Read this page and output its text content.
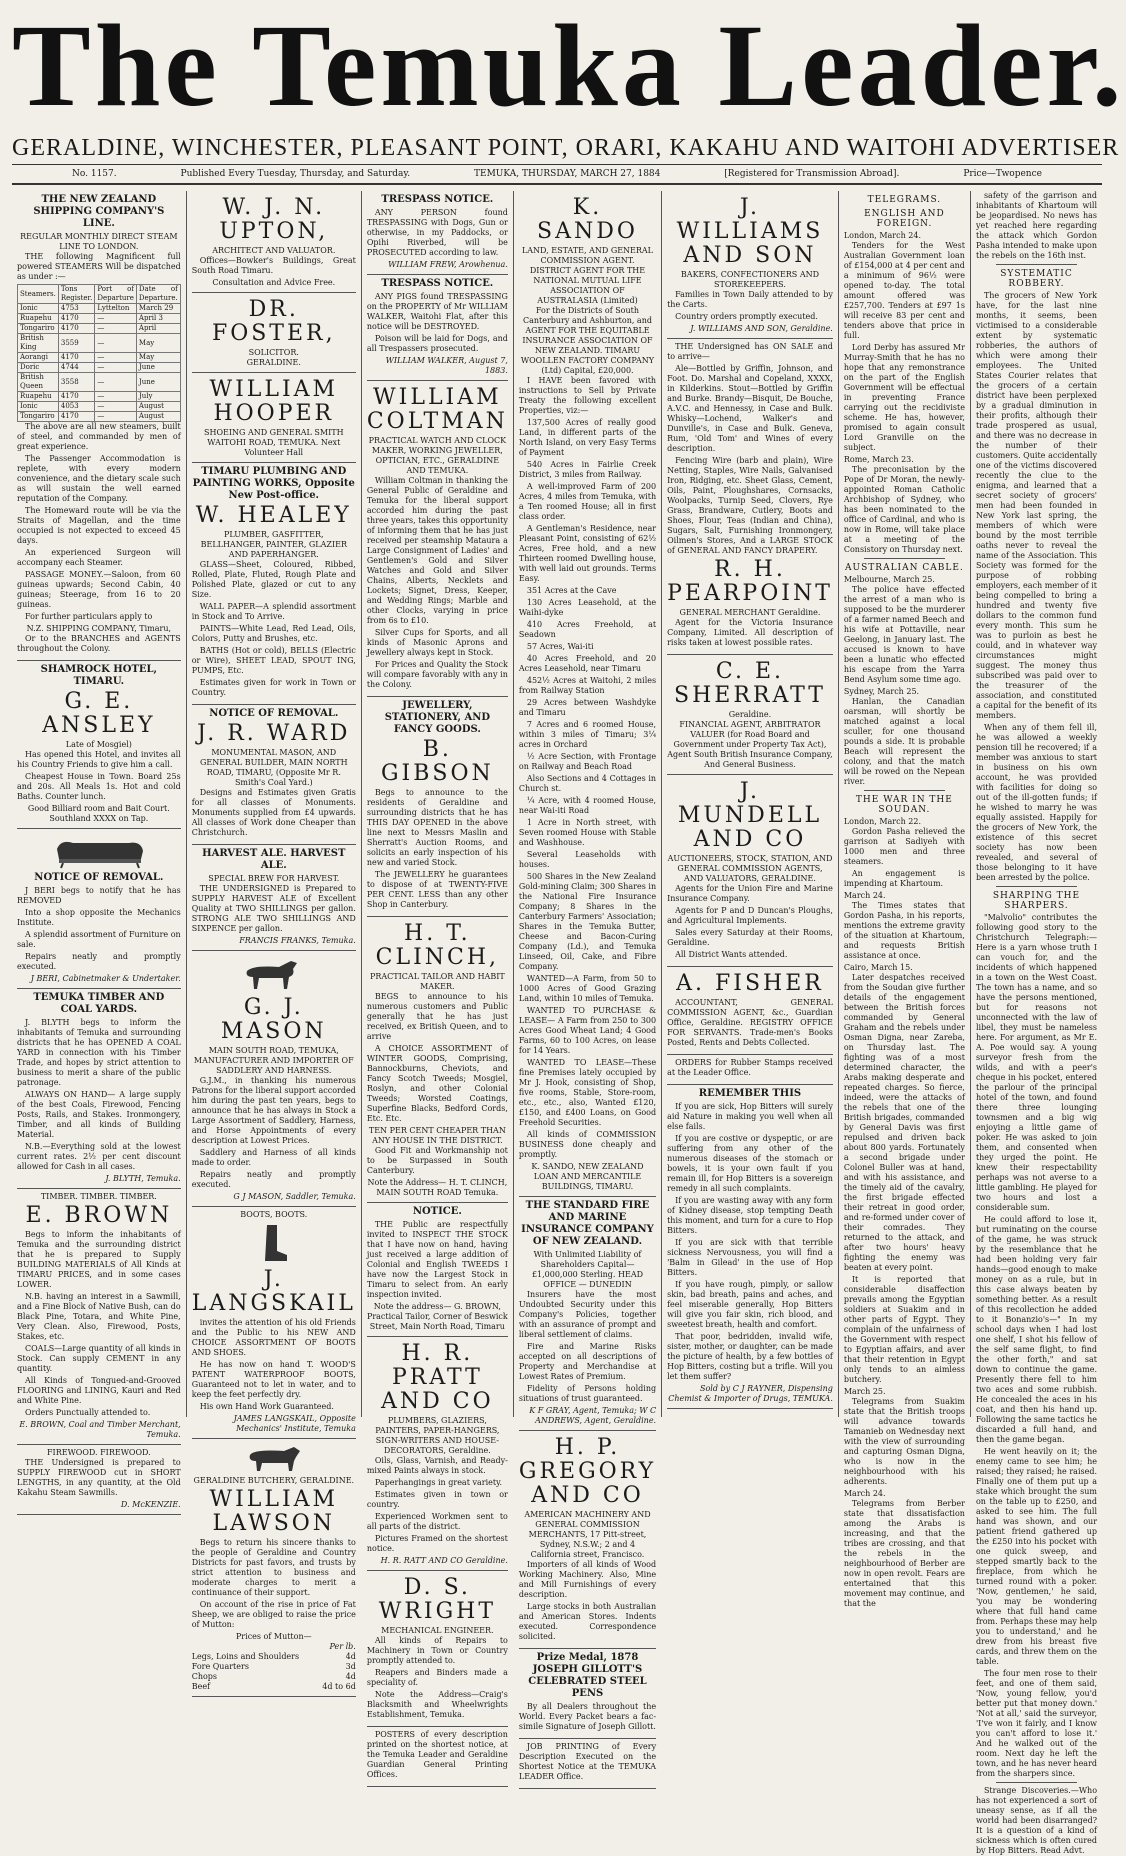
The Temuka Leader.
GERALDINE, WINCHESTER, PLEASANT POINT, ORARI, KAKAHU AND WAITOHI ADVERTISER
No. 1157.	Published Every Tuesday, Thursday, and Saturday.	TEMUKA, THURSDAY, MARCH 27, 1884	[Registered for Transmission Abroad].	Price—Twopence
THE NEW ZEALAND SHIPPING COMPANY'S LINE.
REGULAR MONTHLY DIRECT STEAM LINE TO LONDON.

THE following Magnificent full powered STEAMERS Will be dispatched as under :—

Steamers.	Tons Register.	Port of Departure	Date of Departure.
Ionic	4753	Lyttelton	March 29
Ruapehu	4170	—	April 3
Tongariro	4170	—	April
British King	3559	—	May
Aorangi	4170	—	May
Doric	4744	—	June
British Queen	3558	—	June
Ruapehu	4170	—	July
Ionic	4053	—	August
Tongariro	4170	—	August

The above are all new steamers, built of steel, and commanded by men of great experience.

The Passenger Accommodation is replete, with every modern convenience, and the dietary scale such as will sustain the well earned reputation of the Company.

The Homeward route will be via the Straits of Magellan, and the time occupied is not expected to exceed 45 days.

An experienced Surgeon will accompany each Steamer.

PASSAGE MONEY.—Saloon, from 60 guineas upwards; Second Cabin, 40 guineas; Steerage, from 16 to 20 guineas.

For further particulars apply to

N.Z. SHIPPING COMPANY, Timaru,

Or to the BRANCHES and AGENTS throughout the Colony.

SHAMROCK HOTEL, TIMARU.
G. E. ANSLEY
Late of Mosgiel)

Has opened this Hotel, and invites all his Country Friends to give him a call.

Cheapest House in Town. Board 25s and 20s. All Meals 1s. Hot and cold Baths. Counter lunch.

Good Billiard room and Bait Court.
Southland XXXX on Tap.
NOTICE OF REMOVAL.

J BERI begs to notify that he has REMOVED

Into a shop opposite the Mechanics Institute.

A splendid assortment of Furniture on sale.

Repairs neatly and promptly executed.

J BERI, Cabinetmaker & Undertaker.
TEMUKA TIMBER AND COAL YARDS.

J. BLYTH begs to inform the inhabitants of Temuka and surrounding districts that he has OPENED A COAL YARD in connection with his Timber Trade, and hopes by strict attention to business to merit a share of the public patronage.

ALWAYS ON HAND— A large supply of the best Coals, Firewood, Fencing Posts, Rails, and Stakes. Ironmongery, Timber, and all kinds of Building Material.

N.B.—Everything sold at the lowest current rates. 2½ per cent discount allowed for Cash in all cases.

J. BLYTH, Temuka.
TIMBER. TIMBER. TIMBER.
E. BROWN

Begs to inform the inhabitants of Temuka and the surrounding district that he is prepared to Supply BUILDING MATERIALS of All Kinds at TIMARU PRICES, and in some cases LOWER.

N.B. having an interest in a Sawmill, and a Fine Block of Native Bush, can do Black Pine, Totara, and White Pine, Very Clean. Also, Firewood, Posts, Stakes, etc.

COALS—Large quantity of all kinds in Stock. Can supply CEMENT in any quantity.

All Kinds of Tongued-and-Grooved FLOORING and LINING, Kauri and Red and White Pine.

Orders Punctually attended to.

E. BROWN, Coal and Timber Merchant, Temuka.
FIREWOOD. FIREWOOD.

THE Undersigned is prepared to SUPPLY FIREWOOD cut in SHORT LENGTHS, in any quantity, at the Old Kakahu Steam Sawmills.

D. McKENZIE.
W. J. N. UPTON,
ARCHITECT AND VALUATOR.

Offices—Bowker's Buildings, Great South Road Timaru.

Consultation and Advice Free.
DR. FOSTER,
SOLICITOR.
GERALDINE.
WILLIAM HOOPER
SHOEING AND GENERAL SMITH WAITOHI ROAD, TEMUKA. Next Volunteer Hall
TIMARU PLUMBING AND PAINTING WORKS, Opposite New Post-office.
W. HEALEY
PLUMBER, GASFITTER, BELLHANGER, PAINTER, GLAZIER AND PAPERHANGER.

GLASS—Sheet, Coloured, Ribbed, Rolled, Plate, Fluted, Rough Plate and Polished Plate, glazed or cut to any Size.

WALL PAPER—A splendid assortment in Stock and To Arrive.

PAINTS—White Lead, Red Lead, Oils, Colors, Putty and Brushes, etc.

BATHS (Hot or cold), BELLS (Electric or Wire), SHEET LEAD, SPOUT ING, PUMPS, Etc.

Estimates given for work in Town or Country.

NOTICE OF REMOVAL.
J. R. WARD
MONUMENTAL MASON, AND GENERAL BUILDER, MAIN NORTH ROAD, TIMARU, (Opposite Mr R. Smith's Coal Yard.)

Designs and Estimates given Gratis for all classes of Monuments. Monuments supplied from £4 upwards. All classes of Work done Cheaper than Christchurch.

HARVEST ALE. HARVEST ALE.
SPECIAL BREW FOR HARVEST.

THE UNDERSIGNED is Prepared to SUPPLY HARVEST ALE of Excellent Quality at TWO SHILLINGS per gallon. STRONG ALE TWO SHILLINGS AND SIXPENCE per gallon.

FRANCIS FRANKS, Temuka.
G. J. MASON
MAIN SOUTH ROAD, TEMUKA, MANUFACTURER AND IMPORTER OF SADDLERY AND HARNESS.

G.J.M., in thanking his numerous Patrons for the liberal support accorded him during the past ten years, begs to announce that he has always in Stock a Large Assortment of Saddlery, Harness, and Horse Appointments of every description at Lowest Prices.

Saddlery and Harness of all kinds made to order.

Repairs neatly and promptly executed.

G J MASON, Saddler, Temuka.
BOOTS, BOOTS.
J. LANGSKAIL

invites the attention of his old Friends and the Public to his NEW AND CHOICE ASSORTMENT OF BOOTS AND SHOES.

He has now on hand T. WOOD'S PATENT WATERPROOF BOOTS, Guaranteed not to let in water, and to keep the feet perfectly dry.

His own Hand Work Guaranteed.

JAMES LANGSKAIL, Opposite Mechanics' Institute, Temuka
GERALDINE BUTCHERY, GERALDINE.
WILLIAM LAWSON

Begs to return his sincere thanks to the people of Geraldine and Country Districts for past favors, and trusts by strict attention to business and moderate charges to merit a continuance of their support.

On account of the rise in price of Fat Sheep, we are obliged to raise the price of Mutton:

Prices of Mutton—
Per lb.
Legs, Loins and Shoulders	4d
Fore Quarters	3d
Chops	4d
Beef	4d to 6d
TRESPASS NOTICE.

ANY PERSON found TRESPASSING with Dogs, Gun or otherwise, in my Paddocks, or Opihi Riverbed, will be PROSECUTED according to law.

WILLIAM FREW, Arowhenua.
TRESPASS NOTICE.

ANY PIGS found TRESPASSING on the PROPERTY of Mr WILLIAM WALKER, Waitohi Flat, after this notice will be DESTROYED.

Poison will be laid for Dogs, and all Trespassers prosecuted.

WILLIAM WALKER, August 7, 1883.
WILLIAM COLTMAN
PRACTICAL WATCH AND CLOCK MAKER, WORKING JEWELLER, OPTICIAN, ETC., GERALDINE AND TEMUKA.

William Coltman in thanking the General Public of Geraldine and Temuka for the liberal support accorded him during the past three years, takes this opportunity of informing them that he has just received per steamship Mataura a Large Consignment of Ladies' and Gentlemen's Gold and Silver Watches and Gold and Silver Chains, Alberts, Necklets and Lockets; Signet, Dress, Keeper, and Wedding Rings; Marble and other Clocks, varying in price from 6s to £10.

Silver Cups for Sports, and all kinds of Masonic Aprons and Jewellery always kept in Stock.

For Prices and Quality the Stock will compare favorably with any in the Colony.

JEWELLERY, STATIONERY, AND FANCY GOODS.
B. GIBSON

Begs to announce to the residents of Geraldine and surrounding districts that he has THIS DAY OPENED in the above line next to Messrs Maslin and Sherratt's Auction Rooms, and solicits an early inspection of his new and varied Stock.

The JEWELLERY he guarantees to dispose of at TWENTY-FIVE PER CENT. LESS than any other Shop in Canterbury.

H. T. CLINCH,
PRACTICAL TAILOR AND HABIT MAKER.

BEGS to announce to his numerous customers and Public generally that he has just received, ex British Queen, and to arrive

A CHOICE ASSORTMENT of WINTER GOODS, Comprising, Bannockburns, Cheviots, and Fancy Scotch Tweeds; Mosgiel, Roslyn, and other Colonial Tweeds; Worsted Coatings, Superfine Blacks, Bedford Cords, Etc. Etc.

TEN PER CENT CHEAPER THAN ANY HOUSE IN THE DISTRICT.

Good Fit and Workmanship not to be Surpassed in South Canterbury.

Note the Address— H. T. CLINCH, MAIN SOUTH ROAD Temuka.
NOTICE.

THE Public are respectfully invited to INSPECT THE STOCK that I have now on hand, having just received a large addition of Colonial and English TWEEDS I have now the Largest Stock in Timaru to select from. An early inspection invited.

Note the address— G. BROWN, Practical Tailor, Corner of Beswick Street, Main North Road, Timaru
H. R. PRATT AND CO
PLUMBERS, GLAZIERS, PAINTERS, PAPER-HANGERS, SIGN-WRITERS AND HOUSE-DECORATORS, Geraldine.

Oils, Glass, Varnish, and Ready-mixed Paints always in stock.

Paperhangings in great variety.

Estimates given in town or country.

Experienced Workmen sent to all parts of the district.

Pictures Framed on the shortest notice.

H. R. RATT AND CO Geraldine.
D. S. WRIGHT
MECHANICAL ENGINEER.

All kinds of Repairs to Machinery in Town or Country promptly attended to.

Reapers and Binders made a speciality of.

Note the Address—Craig's Blacksmith and Wheelwrights Establishment, Temuka.

POSTERS of every description printed on the shortest notice, at the Temuka Leader and Geraldine Guardian General Printing Offices.

K. SANDO
LAND, ESTATE, AND GENERAL COMMISSION AGENT.
DISTRICT AGENT FOR THE NATIONAL MUTUAL LIFE ASSOCIATION OF AUSTRALASIA (Limited)
For the Districts of South Canterbury and Ashburton, and AGENT FOR THE EQUITABLE INSURANCE ASSOCIATION OF NEW ZEALAND. TIMARU WOOLLEN FACTORY COMPANY (Ltd) Capital, £20,000.

I HAVE been favored with instructions to Sell by Private Treaty the following excellent Properties, viz:—

137,500 Acres of really good Land, in different parts of the North Island, on very Easy Terms of Payment

540 Acres in Fairlie Creek District, 3 miles from Railway.

A well-improved Farm of 200 Acres, 4 miles from Temuka, with a Ten roomed House; all in first class order.

A Gentleman's Residence, near Pleasant Point, consisting of 62½ Acres, Free hold, and a new Thirteen roomed Dwelling house, with well laid out grounds. Terms Easy.

351 Acres at the Cave

130 Acres Leasehold, at the Waihi-dyke

410 Acres Freehold, at Seadown

57 Acres, Wai-iti

40 Acres Freehold, and 20 Acres Leasehold, near Timaru

452½ Acres at Waitohi, 2 miles from Railway Station

29 Acres between Washdyke and Timaru

7 Acres and 6 roomed House, within 3 miles of Timaru; 3¼ acres in Orchard

½ Acre Section, with Frontage on Railway and Beach Road

Also Sections and 4 Cottages in Church st.

¼ Acre, with 4 roomed House, near Wai-iti Road

1 Acre in North street, with Seven roomed House with Stable and Washhouse.

Several Leaseholds with houses.

500 Shares in the New Zealand Gold-mining Claim; 300 Shares in the National Fire Insurance Company; 8 Shares in the Canterbury Farmers' Association; Shares in the Temuka Butter, Cheese and Bacon-Curing Company (Ld.), and Temuka Linseed, Oil, Cake, and Fibre Company.

WANTED—A Farm, from 50 to 1000 Acres of Good Grazing Land, within 10 miles of Temuka.

WANTED TO PURCHASE & LEASE— A Farm from 250 to 300 Acres Good Wheat Land; 4 Good Farms, 60 to 100 Acres, on lease for 14 Years.

WANTED TO LEASE—These fine Premises lately occupied by Mr J. Hook, consisting of Shop, five rooms, Stable, Store-room, etc., etc., also, Wanted £120, £150, and £400 Loans, on Good Freehold Securities.

All kinds of COMMISSION BUSINESS done cheaply and promptly.

K. SANDO, NEW ZEALAND LOAN AND MERCANTILE BUILDINGS, TIMARU.
THE STANDARD FIRE AND MARINE INSURANCE COMPANY OF NEW ZEALAND.
With Unlimited Liability of Shareholders Capital—£1,000,000 Sterling. HEAD OFFICE — DUNEDIN

Insurers have the most Undoubted Security under this Company's Policies, together with an assurance of prompt and liberal settlement of claims.

Fire and Marine Risks accepted on all descriptions of Property and Merchandise at Lowest Rates of Premium.

Fidelity of Persons holding situations of trust guaranteed.

K F GRAY, Agent, Temuka; W C ANDREWS, Agent, Geraldine.
H. P. GREGORY AND CO
AMERICAN MACHINERY AND GENERAL COMMISSION MERCHANTS, 17 Pitt-street, Sydney, N.S.W.; 2 and 4 California street, Francisco.

Importers of all kinds of Wood Working Machinery. Also, Mine and Mill Furnishings of every description.

Large stocks in both Australian and American Stores. Indents executed. Correspondence solicited.

Prize Medal, 1878 JOSEPH GILLOTT'S CELEBRATED STEEL PENS

By all Dealers throughout the World. Every Packet bears a fac-simile Signature of Joseph Gillott.

JOB PRINTING of Every Description Executed on the Shortest Notice at the TEMUKA LEADER Office.

J. WILLIAMS AND SON
BAKERS, CONFECTIONERS AND STOREKEEPERS.

Families in Town Daily attended to by the Carts.

Country orders promptly executed.

J. WILLIAMS AND SON, Geraldine.

THE Undersigned has ON SALE and to arrive—

Ale—Bottled by Griffin, Johnson, and Foot. Do. Marshal and Copeland, XXXX, in Kilderkins. Stout—Bottled by Griffin and Burke. Brandy—Bisquit, De Bouche, A.V.C. and Hennessy, in Case and Bulk. Whisky—Lochend, Walker's and Dunville's, in Case and Bulk. Geneva, Rum, 'Old Tom' and Wines of every description.

Fencing Wire (barb and plain), Wire Netting, Staples, Wire Nails, Galvanised Iron, Ridging, etc. Sheet Glass, Cement, Oils, Paint, Ploughshares, Cornsacks, Woolpacks, Turnip Seed, Clovers, Rye Grass, Brandware, Cutlery, Boots and Shoes, Flour, Teas (Indian and China), Sugars, Salt, Furnishing Ironmongery, Oilmen's Stores, And a LARGE STOCK of GENERAL AND FANCY DRAPERY.

R. H. PEARPOINT
GENERAL MERCHANT Geraldine.

Agent for the Victoria Insurance Company, Limited. All description of risks taken at lowest possible rates.

C. E. SHERRATT
Geraldine.
FINANCIAL AGENT, ARBITRATOR VALUER (for Road Board and Government under Property Tax Act),
Agent South British Insurance Company, And General Business.
J. MUNDELL AND CO
AUCTIONEERS, STOCK, STATION, AND GENERAL COMMISSION AGENTS, AND VALUATORS, GERALDINE.

Agents for the Union Fire and Marine Insurance Company.

Agents for P and D Duncan's Ploughs, and Agricultural Implements.

Sales every Saturday at their Rooms, Geraldine.

All District Wants attended.

A. FISHER

ACCOUNTANT, GENERAL COMMISSION AGENT, &c., Guardian Office, Geraldine. REGISTRY OFFICE FOR SERVANTS. Trade-men's Books Posted, Rents and Debts Collected.

ORDERS for Rubber Stamps received at the Leader Office.

REMEMBER THIS

If you are sick, Hop Bitters will surely aid Nature in making you well when all else fails.

If you are costive or dyspeptic, or are suffering from any other of the numerous diseases of the stomach or bowels, it is your own fault if you remain ill, for Hop Bitters is a sovereign remedy in all such complaints.

If you are wasting away with any form of Kidney disease, stop tempting Death this moment, and turn for a cure to Hop Bitters.

If you are sick with that terrible sickness Nervousness, you will find a 'Balm in Gilead' in the use of Hop Bitters.

If you have rough, pimply, or sallow skin, bad breath, pains and aches, and feel miserable generally, Hop Bitters will give you fair skin, rich blood, and sweetest breath, health and comfort.

That poor, bedridden, invalid wife, sister, mother, or daughter, can be made the picture of health, by a few bottles of Hop Bitters, costing but a trifle. Will you let them suffer?

Sold by C J RAYNER, Dispensing Chemist & Importer of Drugs, TEMUKA.
TELEGRAMS.
ENGLISH AND FOREIGN.
London, March 24.

Tenders for the West Australian Government loan of £154,000 at 4 per cent and a minimum of 96½ were opened to-day. The total amount offered was £257,700. Tenders at £97 1s will receive 83 per cent and tenders above that price in full.

Lord Derby has assured Mr Murray-Smith that he has no hope that any remonstrance on the part of the English Government will be effectual in preventing France carrying out the recidiviste scheme. He has, however, promised to again consult Lord Granville on the subject.

Rome, March 23.

The preconisation by the Pope of Dr Moran, the newly-appointed Roman Catholic Archbishop of Sydney, who has been nominated to the office of Cardinal, and who is now in Rome, will take place at a meeting of the Consistory on Thursday next.

AUSTRALIAN CABLE.
Melbourne, March 25.

The police have effected the arrest of a man who is supposed to be the murderer of a farmer named Beech and his wife at Pottaville, near Geelong, in January last. The accused is known to have been a lunatic who effected his escape from the Yarra Bend Asylum some time ago.

Sydney, March 25.

Hanlan, the Canadian oarsman, will shortly be matched against a local sculler, for one thousand pounds a side. It is probable Beach will represent the colony, and that the match will be rowed on the Nepean river.

THE WAR IN THE SOUDAN.
London, March 22.

Gordon Pasha relieved the garrison at Sadiyeh with 1000 men and three steamers.

An engagement is impending at Khartoum.

March 24.

The Times states that Gordon Pasha, in his reports, mentions the extreme gravity of the situation at Khartoum, and requests British assistance at once.

Cairo, March 15.

Later despatches received from the Soudan give further details of the engagement between the British forces commanded by General Graham and the rebels under Osman Digna, near Zareba, on Thursday last. The fighting was of a most determined character, the Arabs making desperate and repeated charges. So fierce, indeed, were the attacks of the rebels that one of the British brigades, commanded by General Davis was first repulsed and driven back about 800 yards. Fortunately a second brigade under Colonel Buller was at hand, and with his assistance, and the timely aid of the cavalry, the first brigade effected their retreat in good order, and re-formed under cover of their comrades. They returned to the attack, and after two hours' heavy fighting the enemy was beaten at every point.

It is reported that considerable disaffection prevails among the Egyptian soldiers at Suakim and in other parts of Egypt. They complain of the unfairness of the Government with respect to Egyptian affairs, and aver that their retention in Egypt only tends to an aimless butchery.

March 25.

Telegrams from Suakim state that the British troops will advance towards Tamanieb on Wednesday next with the view of surrounding and capturing Osman Digna, who is now in the neighbourhood with his adherents.

March 24.

Telegrams from Berber state that dissatisfaction among the Arabs is increasing, and that the tribes are crossing, and that the rebels in the neighbourhood of Berber are now in open revolt. Fears are entertained that this movement may continue, and that the

safety of the garrison and inhabitants of Khartoum will be jeopardised. No news has yet reached here regarding the attack which Gordon Pasha intended to make upon the rebels on the 16th inst.

SYSTEMATIC ROBBERY.

The grocers of New York have, for the last nine months, it seems, been victimised to a considerable extent by systematic robberies, the authors of which were among their employees. The United States Courier relates that the grocers of a certain district have been perplexed by a gradual diminution in their profits, although their trade prospered as usual, and there was no decrease in the number of their customers. Quite accidentally one of the victims discovered recently the clue to the enigma, and learned that a secret society of grocers' men had been founded in New York last spring, the members of which were bound by the most terrible oaths never to reveal the name of the Association. This Society was formed for the purpose of robbing employers, each member of it being compelled to bring a hundred and twenty five dollars to the common fund every month. This sum he was to purloin as best he could, and in whatever way circumstances might suggest. The money thus subscribed was paid over to the treasurer of the association, and constituted a capital for the benefit of its members.

When any of them fell ill, he was allowed a weekly pension till he recovered; if a member was anxious to start in business on his own account, he was provided with facilities for doing so out of the ill-gotten funds; if he wished to marry he was equally assisted. Happily for the grocers of New York, the existence of this secret society has now been revealed, and several of those belonging to it have been arrested by the police.

SHARPING THE SHARPERS.

"Malvolio" contributes the following good story to the Christchurch Telegraph:— Here is a yarn whose truth I can vouch for, and the incidents of which happened in a town on the West Coast. The town has a name, and so have the persons mentioned, but for reasons not unconnected with the law of libel, they must be nameless here. For argument, as Mr E. A. Poe would say. A young surveyor fresh from the wilds, and with a peer's cheque in his pocket, entered the parlour of the principal hotel of the town, and found there three lounging townsmen and a big wig enjoying a little game of poker. He was asked to join them, and consented when they urged the point. He knew their respectability perhaps was not averse to a little gambling. He played for two hours and lost a considerable sum.

He could afford to lose it, but ruminating on the course of the game, he was struck by the resemblance that he had been holding very fair hands—good enough to make money on as a rule, but in this case always beaten by something better. As a result of this recollection he added to it Bonanzio's—" In my school days when I had lost one shelf, I shot his fellow of the self same flight, to find the other forth," and sat down to continue the game. Presently there fell to him two aces and some rubbish. He concealed the aces in his coat, and then his hand up. Following the same tactics he discarded a full hand, and then the game began.

He went heavily on it; the enemy came to see him; he raised; they raised; he raised. Finally one of them put up a stake which brought the sum on the table up to £250, and asked to see him. The full hand was shown, and our patient friend gathered up the £250 into his pocket with one quick sweep, and stepped smartly back to the fireplace, from which he turned round with a poker. 'Now, gentlemen,' he said, 'you may be wondering where that full hand came from. Perhaps these may help you to understand,' and he drew from his breast five cards, and threw them on the table.

The four men rose to their feet, and one of them said, 'Now, young fellow, you'd better put that money down.' 'Not at all,' said the surveyor, 'I've won it fairly, and I know you can't afford to lose it.' And he walked out of the room. Next day he left the town, and he has never heard from the sharpers since.

Strange Discoveries.—Who has not experienced a sort of uneasy sense, as if all the world had been disarranged? It is a question of a kind of sickness which is often cured by Hop Bitters. Read Advt.
